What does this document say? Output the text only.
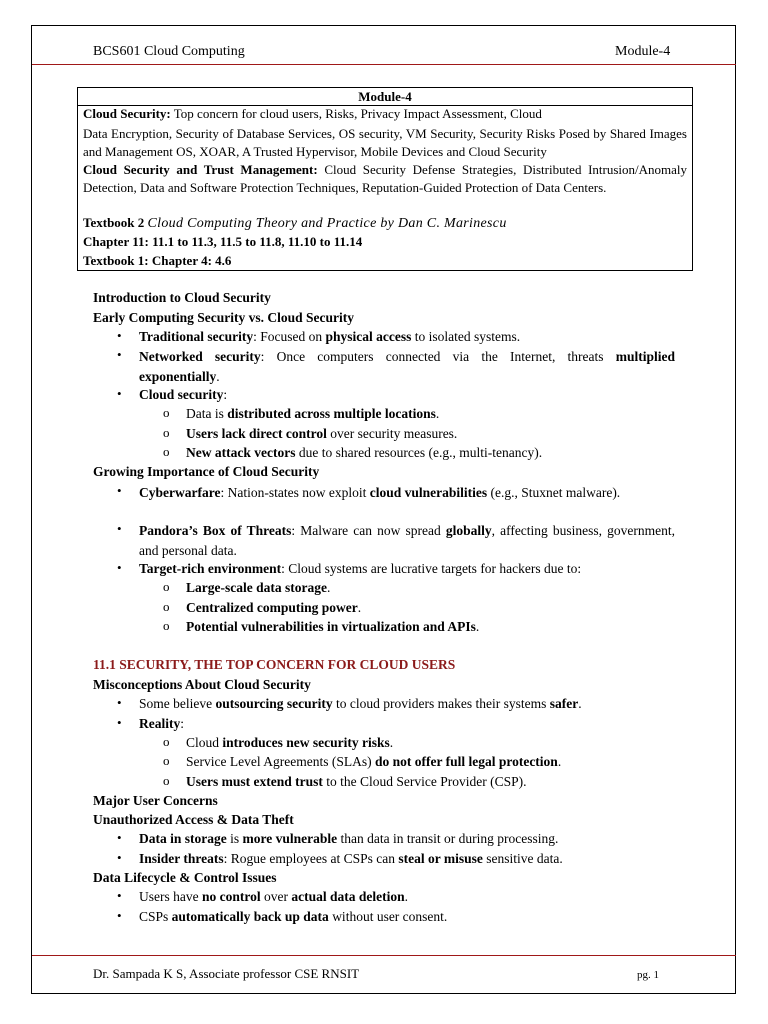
BCS601 Cloud Computing	Module-4
Module-4
Cloud Security: Top concern for cloud users, Risks, Privacy Impact Assessment, Cloud
Data Encryption, Security of Database Services, OS security, VM Security, Security Risks Posed by Shared Images and Management OS, XOAR, A Trusted Hypervisor, Mobile Devices and Cloud Security
Cloud Security and Trust Management: Cloud Security Defense Strategies, Distributed Intrusion/Anomaly Detection, Data and Software Protection Techniques, Reputation-Guided Protection of Data Centers.
Textbook 2 Cloud Computing Theory and Practice by Dan C. Marinescu
Chapter 11: 11.1 to 11.3, 11.5 to 11.8, 11.10 to 11.14
Textbook 1: Chapter 4: 4.6
Introduction to Cloud Security
Early Computing Security vs. Cloud Security
• Traditional security: Focused on physical access to isolated systems.
• Networked security: Once computers connected via the Internet, threats multiplied exponentially.
• Cloud security:
o Data is distributed across multiple locations.
o Users lack direct control over security measures.
o New attack vectors due to shared resources (e.g., multi-tenancy).
Growing Importance of Cloud Security
• Cyberwarfare: Nation-states now exploit cloud vulnerabilities (e.g., Stuxnet malware).
• Pandora’s Box of Threats: Malware can now spread globally, affecting business, government, and personal data.
• Target-rich environment: Cloud systems are lucrative targets for hackers due to:
o Large-scale data storage.
o Centralized computing power.
o Potential vulnerabilities in virtualization and APIs.
11.1 SECURITY, THE TOP CONCERN FOR CLOUD USERS
Misconceptions About Cloud Security
• Some believe outsourcing security to cloud providers makes their systems safer.
• Reality:
o Cloud introduces new security risks.
o Service Level Agreements (SLAs) do not offer full legal protection.
o Users must extend trust to the Cloud Service Provider (CSP).
Major User Concerns
Unauthorized Access & Data Theft
• Data in storage is more vulnerable than data in transit or during processing.
• Insider threats: Rogue employees at CSPs can steal or misuse sensitive data.
Data Lifecycle & Control Issues
• Users have no control over actual data deletion.
• CSPs automatically back up data without user consent.
Dr. Sampada K S, Associate professor CSE RNSIT	pg. 1
